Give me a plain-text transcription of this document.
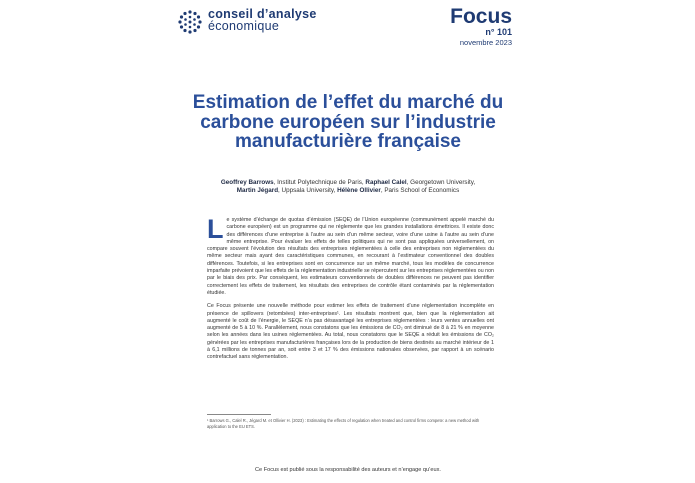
conseil d’analyse
économique	Focus
n° 101
novembre 2023
Estimation de l’effet du marché du carbone européen sur l’industrie manufacturière française
Geoffrey Barrows, Institut Polytechnique de Paris, Raphael Calel, Georgetown University,
Martin Jégard, Uppsala University, Hélène Ollivier, Paris School of Economics

Le système d’échange de quotas d’émission (SEQE) de l’Union européenne (communément appelé marché du carbone européen) est un programme qui ne réglemente que les grandes installations émettrices. Il existe donc des différences d’une entreprise à l’autre au sein d’un même secteur, voire d’une usine à l’autre au sein d’une même entreprise. Pour évaluer les effets de telles politiques qui ne sont pas appliquées universellement, on compare souvent l’évolution des résultats des entreprises réglementées à celle des entreprises non réglementées du même secteur mais ayant des caractéristiques communes, en recourant à l’estimateur conventionnel des doubles différences. Toutefois, si les entreprises sont en concurrence sur un même marché, tous les modèles de concurrence imparfaite prévoient que les effets de la réglementation industrielle se répercutent sur les entreprises réglementées ou non par le biais des prix. Par conséquent, les estimateurs conventionnels de doubles différences ne peuvent pas identifier correctement les effets de traitement, les résultats des entreprises de contrôle étant contaminés par la réglementation étudiée.

Ce Focus présente une nouvelle méthode pour estimer les effets de traitement d’une réglementation incomplète en présence de spillovers (retombées) inter-entreprises¹. Les résultats montrent que, bien que la réglementation ait augmenté le coût de l’énergie, le SEQE n’a pas désavantagé les entreprises réglementées : leurs ventes annuelles ont augmenté de 5 à 10 %. Parallèlement, nous constatons que les émissions de CO₂ ont diminué de 8 à 21 % en moyenne selon les années dans les usines réglementées. Au total, nous constatons que le SEQE a réduit les émissions de CO₂ générées par les entreprises manufacturières françaises lors de la production de biens destinés au marché intérieur de 1 à 6,1 millions de tonnes par an, soit entre 3 et 17 % des émissions nationales observées, par rapport à un scénario contrefactuel sans réglementation.

¹ Barrows G., Calel R., Jégard M. et Ollivier H. (2023) : Estimating the effects of regulation when treated and control firms compete: a new method with application to the EU ETS.
Ce Focus est publié sous la responsabilité des auteurs et n’engage qu’eux.
